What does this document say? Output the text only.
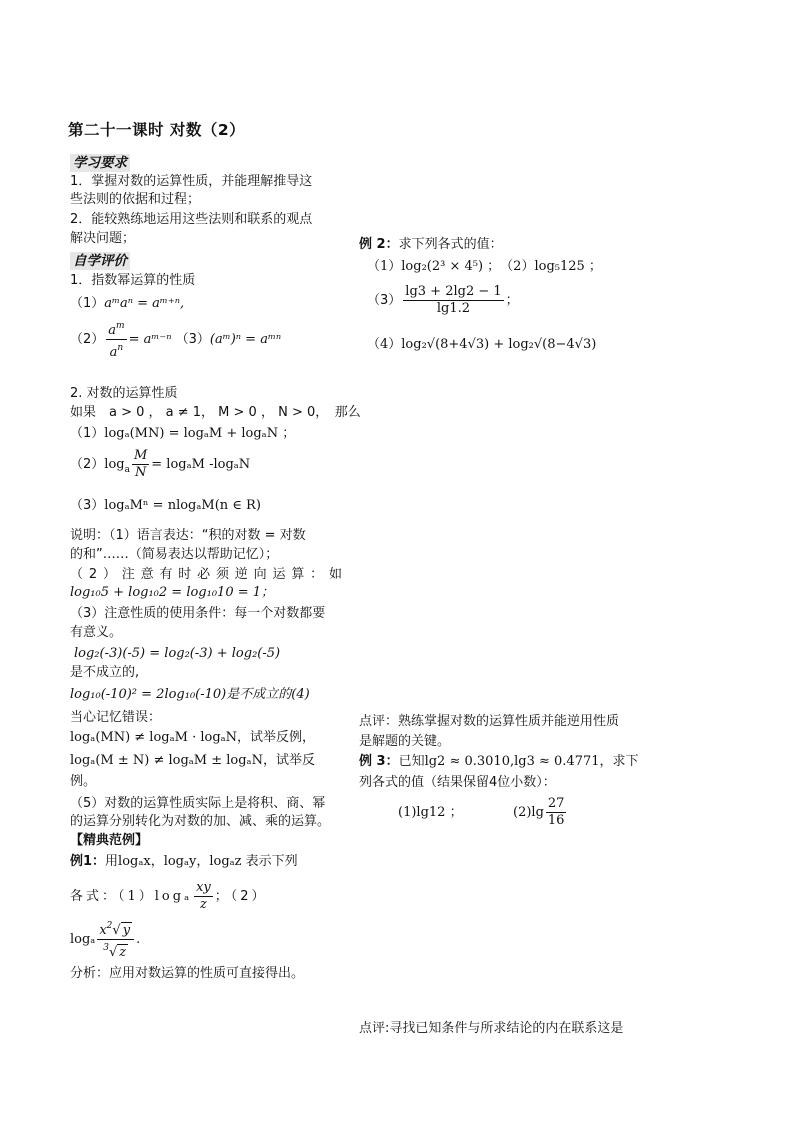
第二十一课时 对数（2）
学习要求
1．掌握对数的运算性质，并能理解推导这
些法则的依据和过程；
2．能较熟练地运用这些法则和联系的观点
解决问题；
自学评价
1．指数幂运算的性质
（1）aᵐaⁿ = aᵐ⁺ⁿ,
$(2) \frac{a^m}{a^n}$ = aᵐ⁻ⁿ （3）(aᵐ)ⁿ = aᵐⁿ
2. 对数的运算性质
如果　a > 0 ， a ≠ 1， M > 0 ， N > 0，　那么
（1）logₐ(MN) = logₐM + logₐN ；
$(2)\log_a \frac{M}{N} = \log_aM$ -logₐN
（3）logₐMⁿ = nlogₐM(n ∈ R)
说明：（1）语言表达：“积的对数 = 对数
的和”……（简易表达以帮助记忆）；
（2）注意有时必须逆向运算：如
log₁₀5 + log₁₀2 = log₁₀10 = 1；
（3）注意性质的使用条件：每一个对数都要
有意义。
log₂(-3)(-5) = log₂(-3) + log₂(-5)
是不成立的,
log₁₀(-10)² = 2log₁₀(-10)是不成立的(4)
当心记忆错误：
logₐ(MN) ≠ logₐM · logₐN，试举反例，
logₐ(M ± N) ≠ logₐM ± logₐN，试举反
例。
（5）对数的运算性质实际上是将积、商、幂
的运算分别转化为对数的加、减、乘的运算。
【精典范例】
例1：用logₐx，logₐy，logₐz 表示下列
各式：$(1)\log_a \frac{xy}{z}$ ；（2）
logₐ $\frac{x^2√ y}{^3√ z}$ .
分析：应用对数运算的性质可直接得出。
例 2：求下列各式的值：
（1）log₂(2³ × 4⁵) ；　（2）log₅125 ；
$(3) \frac{\lg 3 + 2\lg 2 - 1}{\lg 1.2}$ ；
（4）log₂√(8+4√3) + log₂√(8−4√3)
点评：熟练掌握对数的运算性质并能逆用性质
是解题的关键。
例 3：已知lg2 ≈ 0.3010,lg3 ≈ 0.4771，求下
列各式的值（结果保留4位小数）：
(1)lg12 ；	$(2)\lg \frac{27}{16}$
点评:寻找已知条件与所求结论的内在联系这是
